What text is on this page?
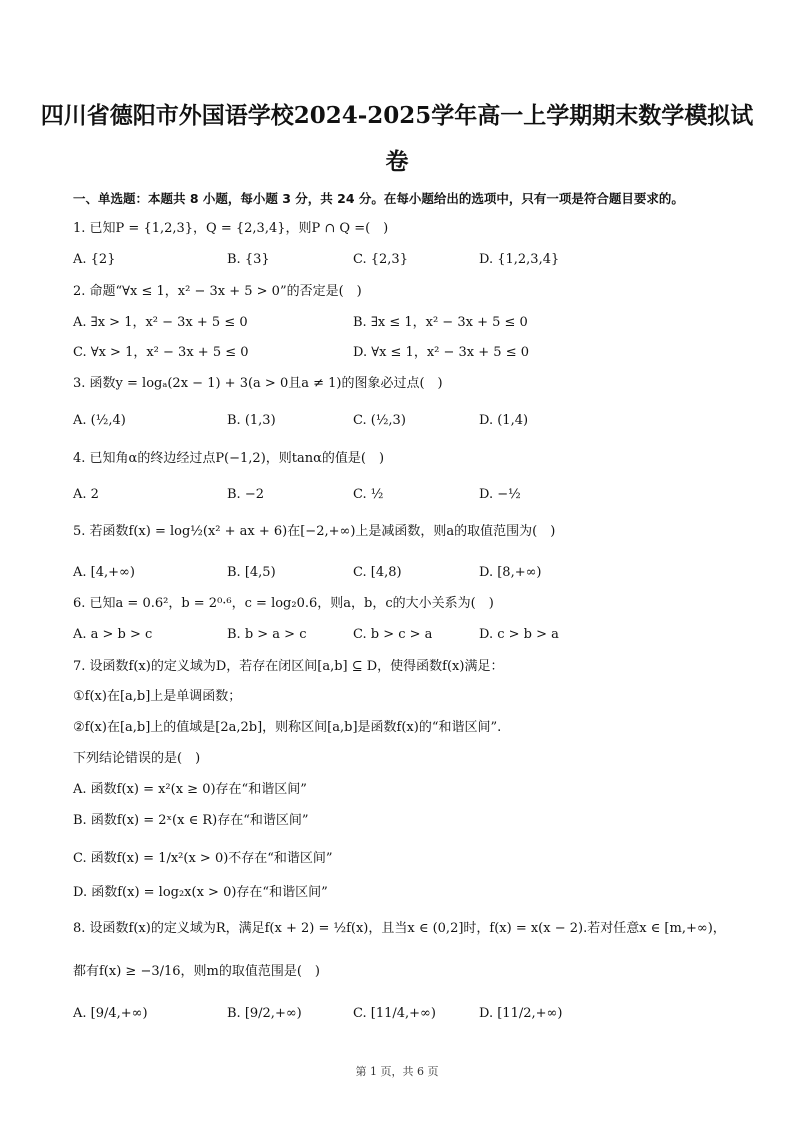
四川省德阳市外国语学校2024-2025学年高一上学期期末数学模拟试
卷
一、单选题：本题共 8 小题，每小题 3 分，共 24 分。在每小题给出的选项中，只有一项是符合题目要求的。
1. 已知P = {1,2,3}，Q = {2,3,4}，则P ∩ Q =(　)
A. {2}	B. {3}	C. {2,3}	D. {1,2,3,4}
2. 命题“∀x ≤ 1，x² − 3x + 5 > 0”的否定是(　)
A. ∃x > 1，x² − 3x + 5 ≤ 0	B. ∃x ≤ 1，x² − 3x + 5 ≤ 0
C. ∀x > 1，x² − 3x + 5 ≤ 0	D. ∀x ≤ 1，x² − 3x + 5 ≤ 0
3. 函数y = logₐ(2x − 1) + 3(a > 0且a ≠ 1)的图象必过点(　)
A. (½,4)	B. (1,3)	C. (½,3)	D. (1,4)
4. 已知角α的终边经过点P(−1,2)，则tanα的值是(　)
A. 2	B. −2	C. ½	D. −½
5. 若函数f(x) = log½(x² + ax + 6)在[−2,+∞)上是减函数，则a的取值范围为(　)
A. [4,+∞)	B. [4,5)	C. [4,8)	D. [8,+∞)
6. 已知a = 0.6²，b = 2⁰·⁶，c = log₂0.6，则a，b，c的大小关系为(　)
A. a > b > c	B. b > a > c	C. b > c > a	D. c > b > a
7. 设函数f(x)的定义域为D，若存在闭区间[a,b] ⊆ D，使得函数f(x)满足：
①f(x)在[a,b]上是单调函数；
②f(x)在[a,b]上的值域是[2a,2b]，则称区间[a,b]是函数f(x)的“和谐区间”.
下列结论错误的是(　)
A. 函数f(x) = x²(x ≥ 0)存在“和谐区间”
B. 函数f(x) = 2ˣ(x ∈ R)存在“和谐区间”
C. 函数f(x) = 1/x²(x > 0)不存在“和谐区间”
D. 函数f(x) = log₂x(x > 0)存在“和谐区间”
8. 设函数f(x)的定义域为R，满足f(x + 2) = ½f(x)，且当x ∈ (0,2]时，f(x) = x(x − 2).若对任意x ∈ [m,+∞)，
都有f(x) ≥ −3/16，则m的取值范围是(　)
A. [9/4,+∞)	B. [9/2,+∞)	C. [11/4,+∞)	D. [11/2,+∞)
第 1 页，共 6 页
